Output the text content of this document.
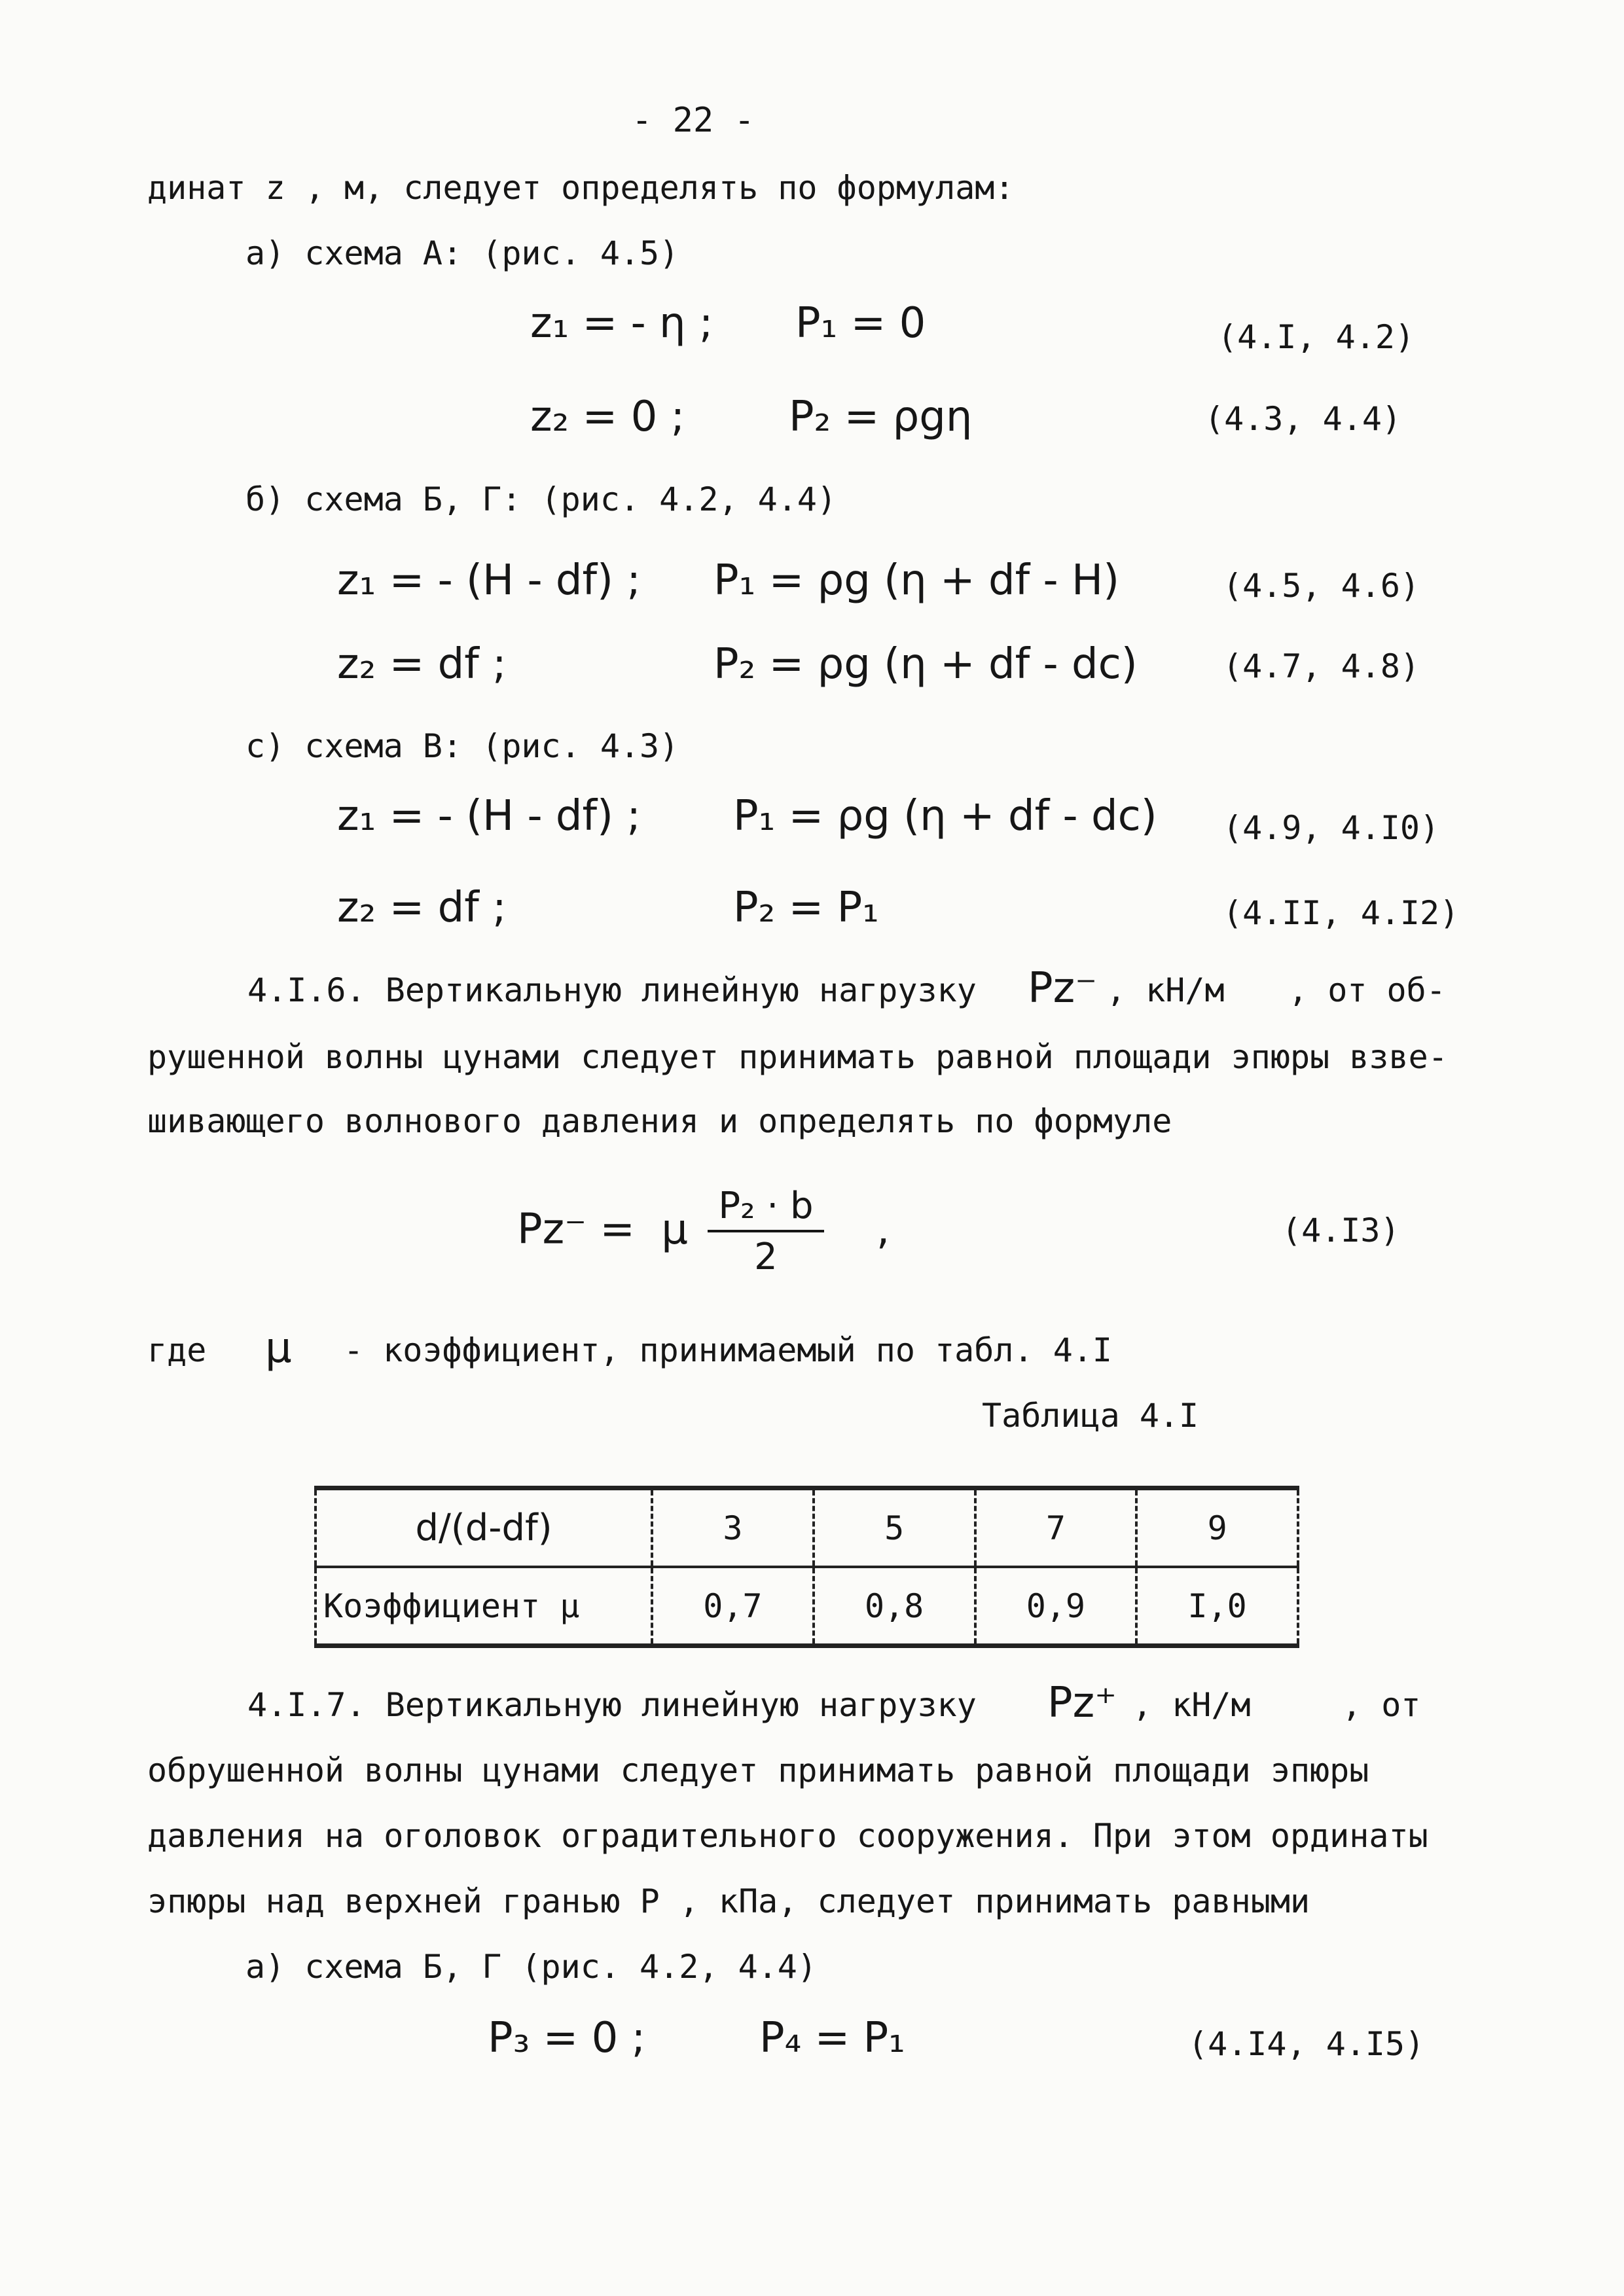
- 22 -
динат z , м, следует определять по формулам:
а) схема А: (рис. 4.5)
z₁ = - η ; P₁ = 0	(4.I, 4.2)
z₂ = 0 ; P₂ = ρgη	(4.3, 4.4)
б) схема Б, Г: (рис. 4.2, 4.4)
z₁ = - (H - df) ; P₁ = ρg (η + df - H)	(4.5, 4.6)
z₂ = df ;	P₂ = ρg (η + df - dc)	(4.7, 4.8)
с) схема В: (рис. 4.3)
z₁ = - (H - df) ; P₁ = ρg (η + df - dc) (4.9, 4.I0)
z₂ = df ;	P₂ = P₁	(4.II, 4.I2)
4.I.6. Вертикальную линейную нагрузку Pz⁻ , кН/м , от об-
рушенной волны цунами следует принимать равной площади эпюры взве-
шивающего волнового давления и определять по формуле
Pz⁻ = μ $\frac{\text{P₂ · b}}{2}$ ,	(4.I3)
где μ - коэффициент, принимаемый по табл. 4.I
Таблица 4.I
d/(d-df)	3	5	7	9
Коэффициент μ	0,7	0,8	0,9	I,0
4.I.7. Вертикальную линейную нагрузку Pz⁺ , кН/м	, от
обрушенной волны цунами следует принимать равной площади эпюры
давления на оголовок оградительного сооружения. При этом ординаты
эпюры над верхней гранью P , кПа, следует принимать равными
а) схема Б, Г (рис. 4.2, 4.4)
P₃ = 0 ;	P₄ = P₁	(4.I4, 4.I5)
